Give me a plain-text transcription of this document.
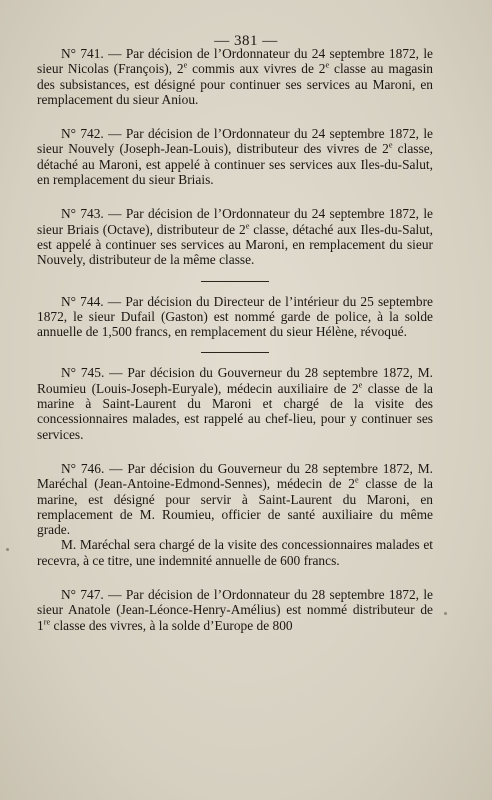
— 381 —

N° 741. — Par décision de l’Ordonnateur du 24 septembre 1872, le sieur Nicolas (François), 2e commis aux vivres de 2e classe au magasin des subsistances, est désigné pour continuer ses services au Maroni, en remplacement du sieur Aniou.

N° 742. — Par décision de l’Ordonnateur du 24 septembre 1872, le sieur Nouvely (Joseph-Jean-Louis), distributeur des vivres de 2e classe, détaché au Maroni, est appelé à continuer ses services aux Iles-du-Salut, en remplacement du sieur Briais.

N° 743. — Par décision de l’Ordonnateur du 24 septembre 1872, le sieur Briais (Octave), distributeur de 2e classe, détaché aux Iles-du-Salut, est appelé à continuer ses services au Maroni, en remplacement du sieur Nouvely, distributeur de la même classe.

N° 744. — Par décision du Directeur de l’intérieur du 25 septembre 1872, le sieur Dufail (Gaston) est nommé garde de police, à la solde annuelle de 1,500 francs, en remplacement du sieur Hélène, révoqué.

N° 745. — Par décision du Gouverneur du 28 septembre 1872, M. Roumieu (Louis-Joseph-Euryale), médecin auxiliaire de 2e classe de la marine à Saint-Laurent du Maroni et chargé de la visite des concessionnaires malades, est rappelé au chef-lieu, pour y continuer ses services.

N° 746. — Par décision du Gouverneur du 28 septembre 1872, M. Maréchal (Jean-Antoine-Edmond-Sennes), médecin de 2e classe de la marine, est désigné pour servir à Saint-Laurent du Maroni, en remplacement de M. Roumieu, officier de santé auxiliaire du même grade.

M. Maréchal sera chargé de la visite des concessionnaires malades et recevra, à ce titre, une indemnité annuelle de 600 francs.

N° 747. — Par décision de l’Ordonnateur du 28 septembre 1872, le sieur Anatole (Jean-Léonce-Henry-Amélius) est nommé distributeur de 1re classe des vivres, à la solde d’Europe de 800
